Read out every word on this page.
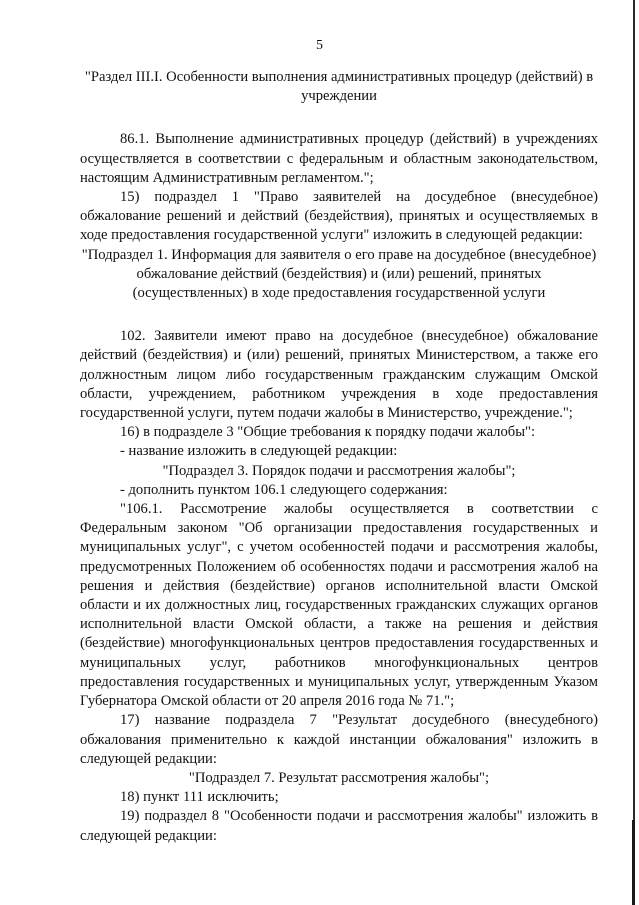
5

"Раздел III.I. Особенности выполнения административных процедур (действий) в учреждении

86.1. Выполнение административных процедур (действий) в учреждениях осуществляется в соответствии с федеральным и областным законодательством, настоящим Административным регламентом.";

15) подраздел 1 "Право заявителей на досудебное (внесудебное) обжалование решений и действий (бездействия), принятых и осуществляемых в ходе предоставления государственной услуги" изложить в следующей редакции:

"Подраздел 1. Информация для заявителя о его праве на досудебное (внесудебное) обжалование действий (бездействия) и (или) решений, принятых (осуществленных) в ходе предоставления государственной услуги

102. Заявители имеют право на досудебное (внесудебное) обжалование действий (бездействия) и (или) решений, принятых Министерством, а также его должностным лицом либо государственным гражданским служащим Омской области, учреждением, работником учреждения в ходе предоставления государственной услуги, путем подачи жалобы в Министерство, учреждение.";

16) в подразделе 3 "Общие требования к порядку подачи жалобы":

- название изложить в следующей редакции:

"Подраздел 3. Порядок подачи и рассмотрения жалобы";

- дополнить пунктом 106.1 следующего содержания:

"106.1. Рассмотрение жалобы осуществляется в соответствии с Федеральным законом "Об организации предоставления государственных и муниципальных услуг", с учетом особенностей подачи и рассмотрения жалобы, предусмотренных Положением об особенностях подачи и рассмотрения жалоб на решения и действия (бездействие) органов исполнительной власти Омской области и их должностных лиц, государственных гражданских служащих органов исполнительной власти Омской области, а также на решения и действия (бездействие) многофункциональных центров предоставления государственных и муниципальных услуг, работников многофункциональных центров предоставления государственных и муниципальных услуг, утвержденным Указом Губернатора Омской области от 20 апреля 2016 года № 71.";

17) название подраздела 7 "Результат досудебного (внесудебного) обжалования применительно к каждой инстанции обжалования" изложить в следующей редакции:

"Подраздел 7. Результат рассмотрения жалобы";

18) пункт 111 исключить;

19) подраздел 8 "Особенности подачи и рассмотрения жалобы" изложить в следующей редакции:
